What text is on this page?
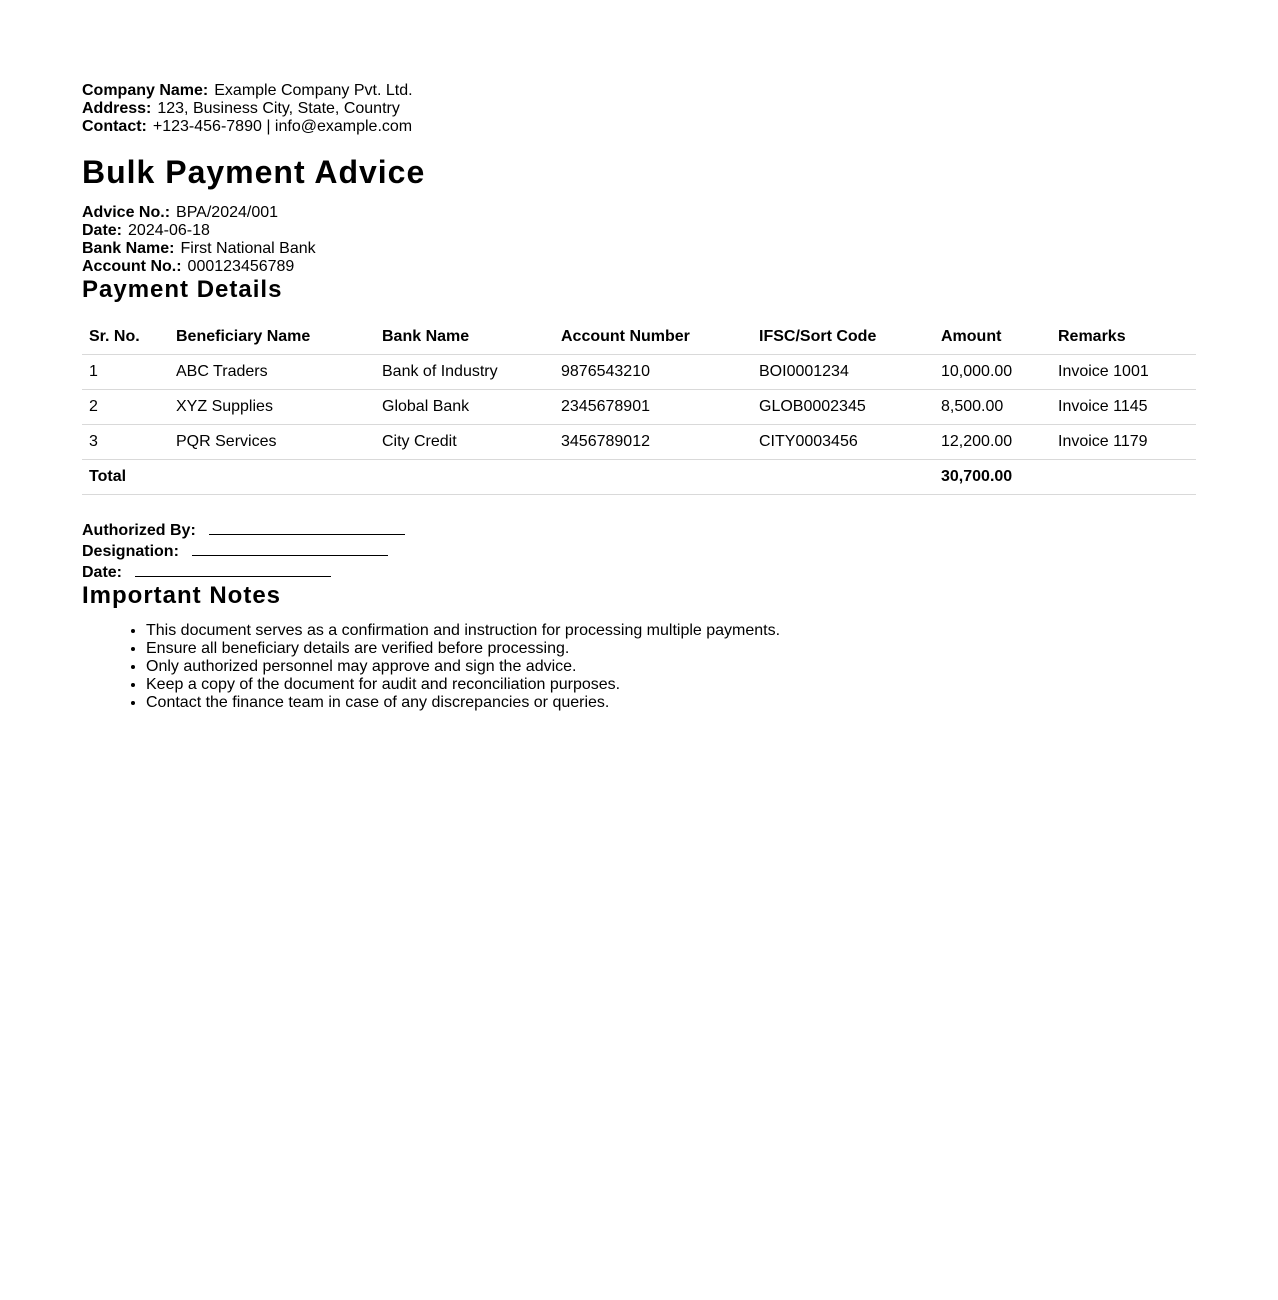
Company Name: Example Company Pvt. Ltd.
Address: 123, Business City, State, Country
Contact: +123-456-7890 | info@example.com
Bulk Payment Advice
Advice No.: BPA/2024/001
Date: 2024-06-18
Bank Name: First National Bank
Account No.: 000123456789
Payment Details
Sr. No.	Beneficiary Name	Bank Name	Account Number	IFSC/Sort Code	Amount	Remarks
1	ABC Traders	Bank of Industry	9876543210	BOI0001234	10,000.00	Invoice 1001
2	XYZ Supplies	Global Bank	2345678901	GLOB0002345	8,500.00	Invoice 1145
3	PQR Services	City Credit	3456789012	CITY0003456	12,200.00	Invoice 1179
Total					30,700.00	
Authorized By:
Designation:
Date:
Important Notes
• This document serves as a confirmation and instruction for processing multiple payments.
• Ensure all beneficiary details are verified before processing.
• Only authorized personnel may approve and sign the advice.
• Keep a copy of the document for audit and reconciliation purposes.
• Contact the finance team in case of any discrepancies or queries.
